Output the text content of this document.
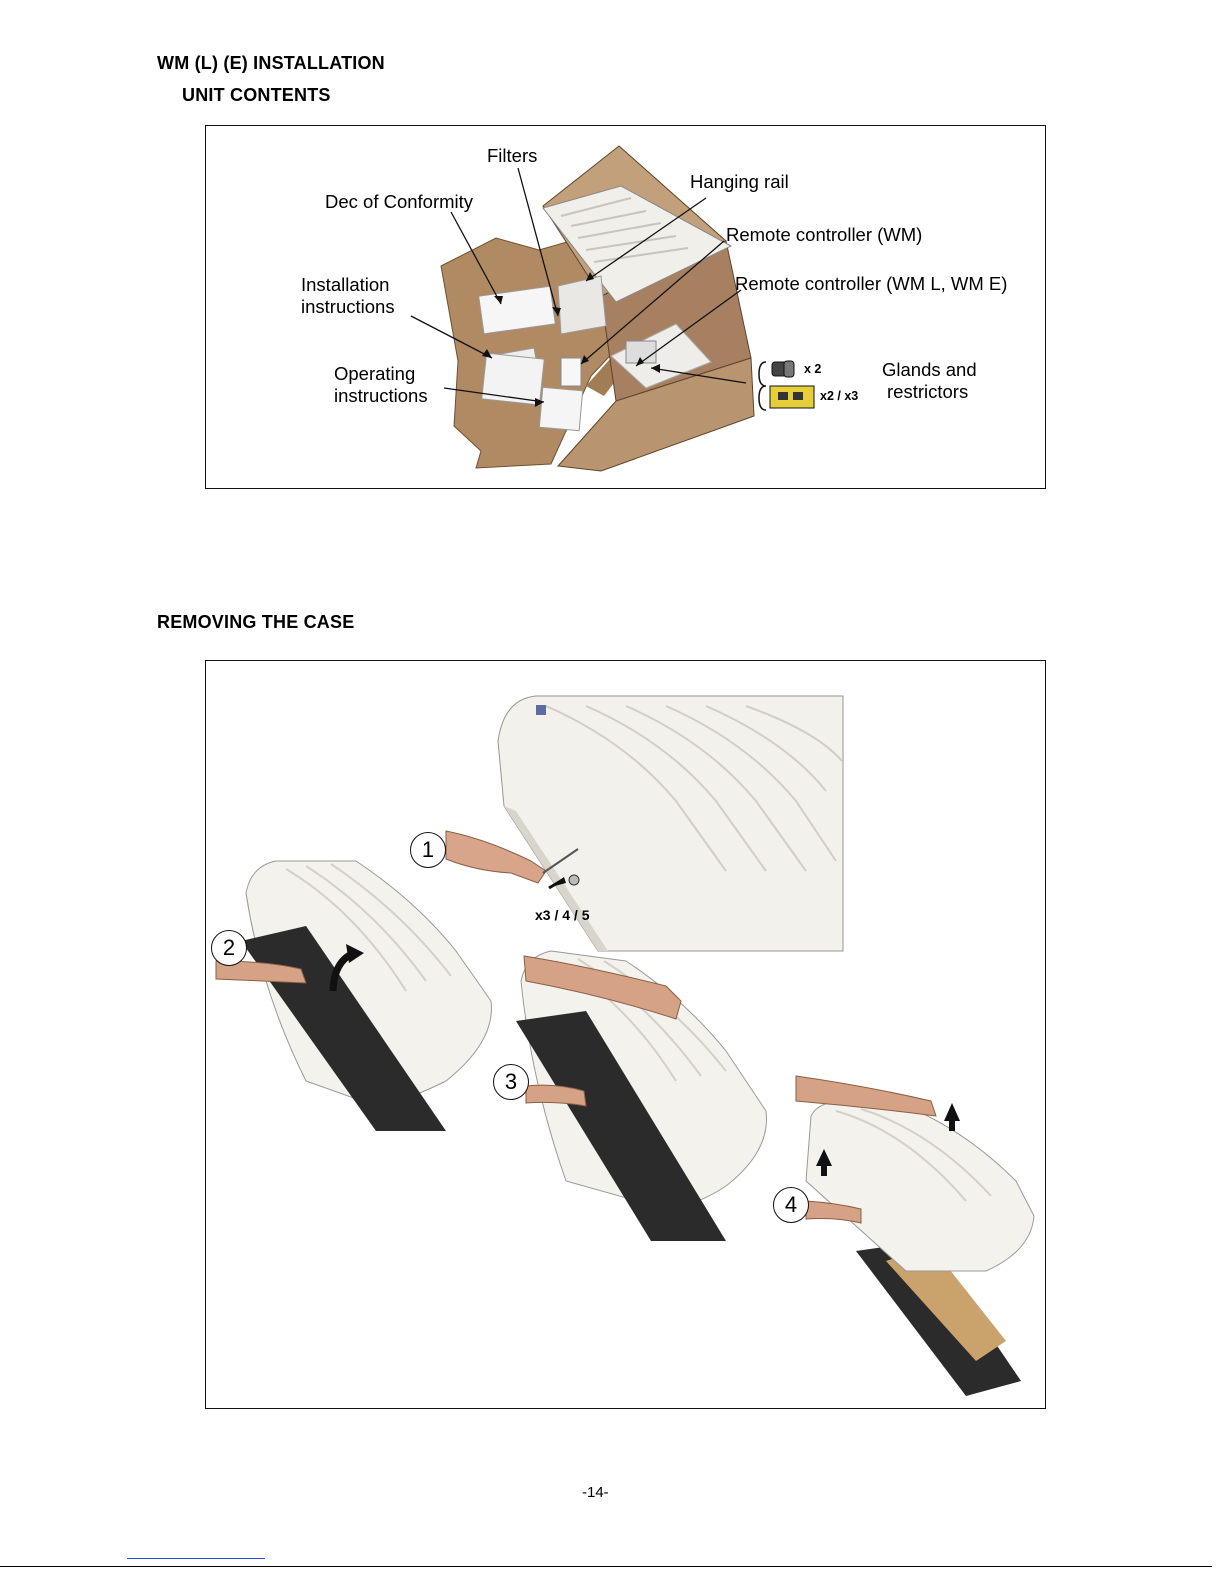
WM (L) (E) INSTALLATION
UNIT CONTENTS
Filters
Hanging rail
Dec of Conformity
Remote controller (WM)
Installation
instructions
Remote controller (WM L, WM E)
Operating
instructions
Glands and
restrictors
x 2
x2 / x3
REMOVING THE CASE
1
2
3
4
x3 / 4 / 5
-14-
